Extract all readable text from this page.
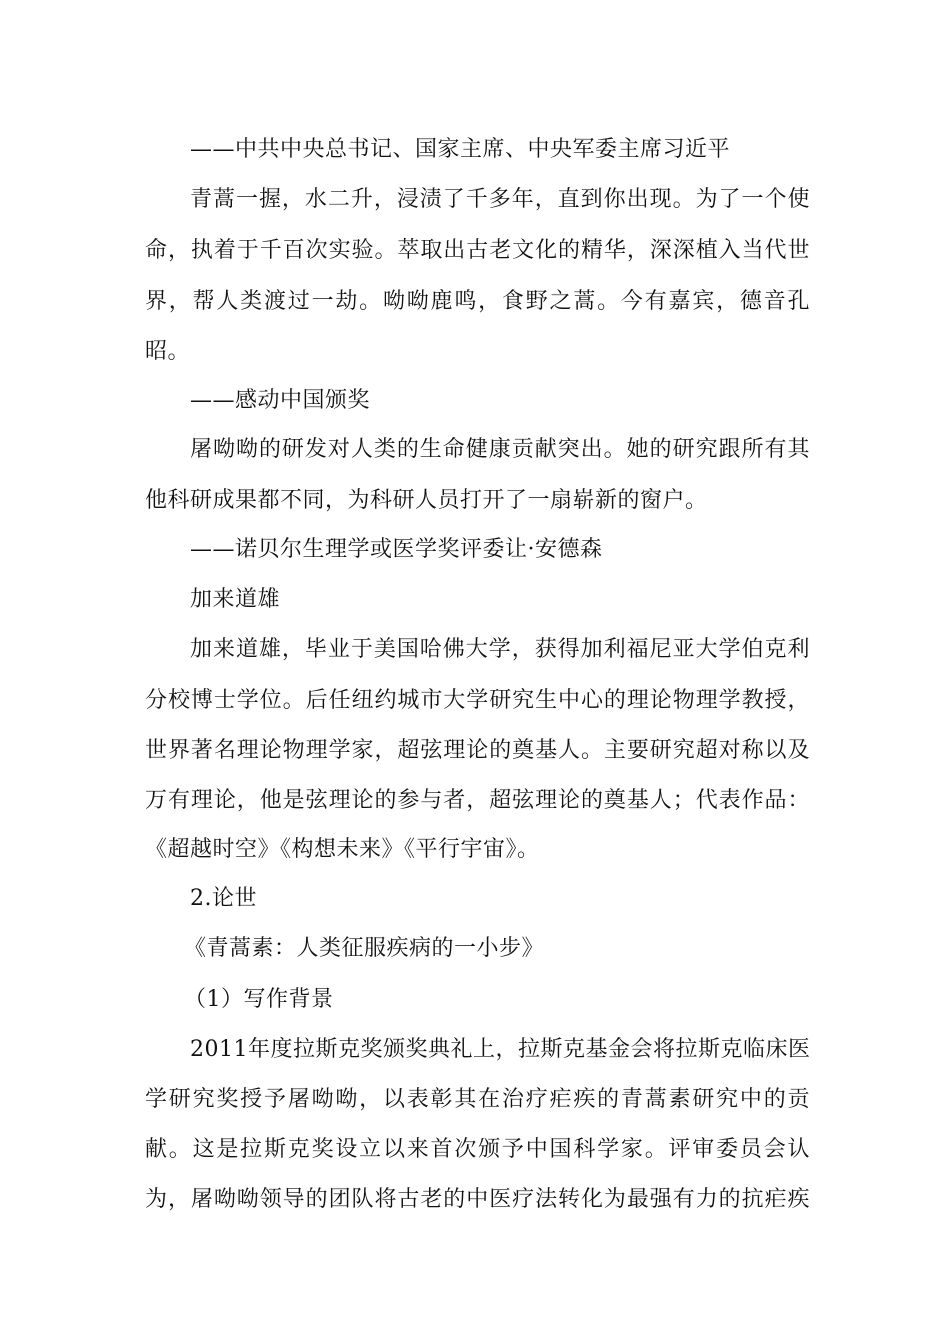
——中共中央总书记、国家主席、中央军委主席习近平
青蒿一握，水二升，浸渍了千多年，直到你出现。为了一个使
命，执着于千百次实验。萃取出古老文化的精华，深深植入当代世
界，帮人类渡过一劫。呦呦鹿鸣，食野之蒿。今有嘉宾，德音孔
昭。
——感动中国颁奖
屠呦呦的研发对人类的生命健康贡献突出。她的研究跟所有其
他科研成果都不同，为科研人员打开了一扇崭新的窗户。
——诺贝尔生理学或医学奖评委让·安德森
加来道雄
加来道雄，毕业于美国哈佛大学，获得加利福尼亚大学伯克利
分校博士学位。后任纽约城市大学研究生中心的理论物理学教授，
世界著名理论物理学家，超弦理论的奠基人。主要研究超对称以及
万有理论，他是弦理论的参与者，超弦理论的奠基人；代表作品：
《超越时空》《构想未来》《平行宇宙》。
2.论世
《青蒿素：人类征服疾病的一小步》
（1）写作背景
2011年度拉斯克奖颁奖典礼上，拉斯克基金会将拉斯克临床医
学研究奖授予屠呦呦，以表彰其在治疗疟疾的青蒿素研究中的贡
献。这是拉斯克奖设立以来首次颁予中国科学家。评审委员会认
为，屠呦呦领导的团队将古老的中医疗法转化为最强有力的抗疟疾
